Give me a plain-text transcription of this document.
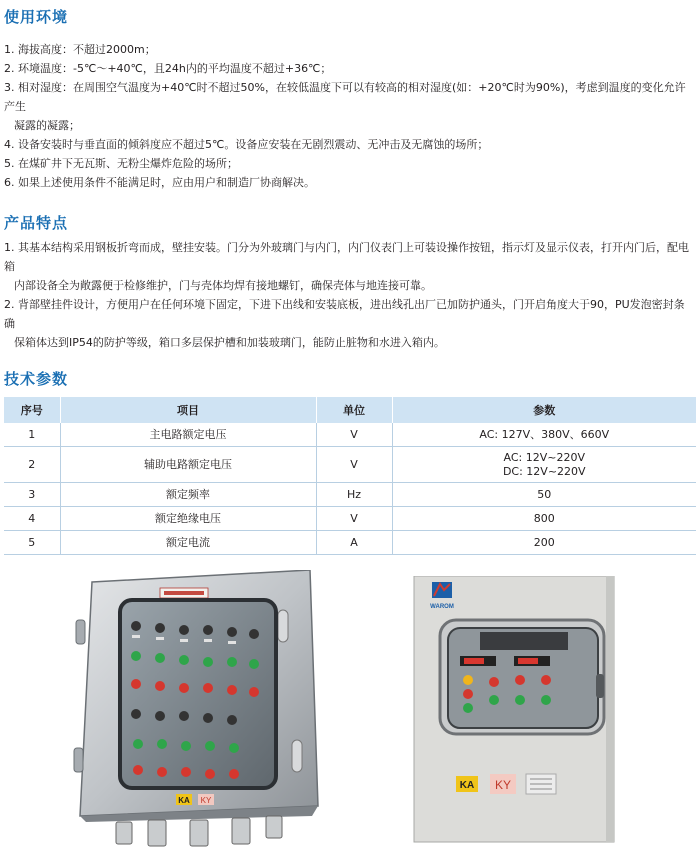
使用环境
1. 海拔高度：不超过2000m；
2. 环境温度：-5℃～+40℃，且24h内的平均温度不超过+36℃；
3. 相对湿度：在周围空气温度为+40℃时不超过50%，在较低温度下可以有较高的相对湿度(如：+20℃时为90%)，考虑到温度的变化允许产生
凝露的凝露；
4. 设备安装时与垂直面的倾斜度应不超过5℃。设备应安装在无剧烈震动、无冲击及无腐蚀的场所；
5. 在煤矿井下无瓦斯、无粉尘爆炸危险的场所；
6. 如果上述使用条件不能满足时，应由用户和制造厂协商解决。
产品特点
1. 其基本结构采用钢板折弯而成，壁挂安装。门分为外玻璃门与内门，内门仪表门上可装设操作按钮，指示灯及显示仪表，打开内门后，配电箱
内部设备全为敞露便于检修维护，门与壳体均焊有接地螺钉，确保壳体与地连接可靠。
2. 背部壁挂件设计，方便用户在任何环境下固定，下进下出线和安装底板，进出线孔出厂已加防护通头，门开启角度大于90，PU发泡密封条确
保箱体达到IP54的防护等级，箱口多层保护槽和加装玻璃门，能防止脏物和水进入箱内。
技术参数
序号	项目	单位	参数
1	主电路额定电压	V	AC: 127V、380V、660V
2	辅助电路额定电压	V	AC: 12V~220V
DC: 12V~220V

3	额定频率	Hz	50
4	额定绝缘电压	V	800
5	额定电流	A	200
KA KY
WAROM
KA KY
